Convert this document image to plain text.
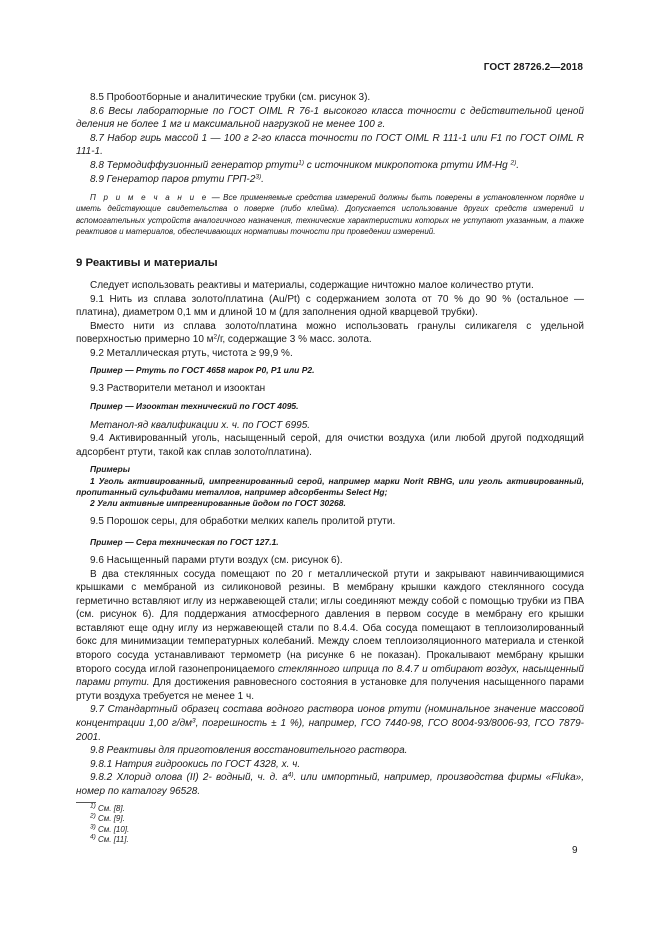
ГОСТ 28726.2—2018

8.5 Пробоотборные и аналитические трубки (см. рисунок 3).

8.6 Весы лабораторные по ГОСТ OIML R 76-1 высокого класса точности с действительной ценой деления не более 1 мг и максимальной нагрузкой не менее 100 г.

8.7 Набор гирь массой 1 — 100 г 2-го класса точности по ГОСТ OIML R 111-1 или F1 по ГОСТ OIML R 111-1.

8.8 Термодиффузионный генератор ртути$^{1)}$ с источником микропотока ртути ИМ-Hg $^{2)}$.

8.9 Генератор паров ртути ГРП-2$^{3)}$.

П р и м е ч а н и е — Все применяемые средства измерений должны быть поверены в установленном порядке и иметь действующие свидетельства о поверке (либо клейма). Допускается использование других средств измерений и вспомогательных устройств аналогичного назначения, технические характеристики которых не уступают указанным, а также реактивов и материалов, обеспечивающих нормативы точности при проведении измерений.

9 Реактивы и материалы

Следует использовать реактивы и материалы, содержащие ничтожно малое количество ртути.

9.1 Нить из сплава золото/платина (Au/Pt) с содержанием золота от 70 % до 90 % (остальное — платина), диаметром 0,1 мм и длиной 10 м (для заполнения одной кварцевой трубки).

Вместо нити из сплава золото/платина можно использовать гранулы силикагеля с удельной поверхностью примерно 10 $м^2/г$, содержащие 3 % масс. золота.

9.2 Металлическая ртуть, чистота ≥ 99,9 %.

Пример — Ртуть по ГОСТ 4658 марок Р0, Р1 или Р2.

9.3 Растворители метанол и изооктан

Пример — Изооктан технический по ГОСТ 4095.

Метанол-яд квалификации х. ч. по ГОСТ 6995.

9.4 Активированный уголь, насыщенный серой, для очистки воздуха (или любой другой подходящий адсорбент ртути, такой как сплав золото/платина).

Примеры

1 Уголь активированный, импрегнированный серой, например марки Norit RBHG, или уголь активированный, пропитанный сульфидами металлов, например адсорбенты Select Hg;

2 Угли активные импрегнированные йодом по ГОСТ 30268.

9.5 Порошок серы, для обработки мелких капель пролитой ртути.

Пример — Сера техническая по ГОСТ 127.1.

9.6 Насыщенный парами ртути воздух (см. рисунок 6).

В два стеклянных сосуда помещают по 20 г металлической ртути и закрывают навинчивающимися крышками с мембраной из силиконовой резины. В мембрану крышки каждого стеклянного сосуда герметично вставляют иглу из нержавеющей стали; иглы соединяют между собой с помощью трубки из ПВА (см. рисунок 6). Для поддержания атмосферного давления в первом сосуде в мембрану его крышки вставляют еще одну иглу из нержавеющей стали по 8.4.4. Оба сосуда помещают в теплоизолированный бокс для минимизации температурных колебаний. Между слоем теплоизоляционного материала и стенкой второго сосуда устанавливают термометр (на рисунке 6 не показан). Прокалывают мембрану крышки второго сосуда иглой газонепроницаемого стеклянного шприца по 8.4.7 и отбирают воздух, насыщенный парами ртути. Для достижения равновесного состояния в установке для получения насыщенного парами ртути воздуха требуется не менее 1 ч.

9.7 Стандартный образец состава водного раствора ионов ртути (номинальное значение массовой концентрации 1,00 $г/дм^3$, погрешность ± 1 %), например, ГСО 7440-98, ГСО 8004-93/8006-93, ГСО 7879-2001.

9.8 Реактивы для приготовления восстановительного раствора.

9.8.1 Натрия гидроокись по ГОСТ 4328, х. ч.

9.8.2 Хлорид олова (II) 2- водный, ч. д. $а^{4)}$. или импортный, например, производства фирмы «Fluka», номер по каталогу 96528.

$^{1)}$ См. [8].
$^{2)}$ См. [9].
$^{3)}$ См. [10].
$^{4)}$ См. [11].
9
